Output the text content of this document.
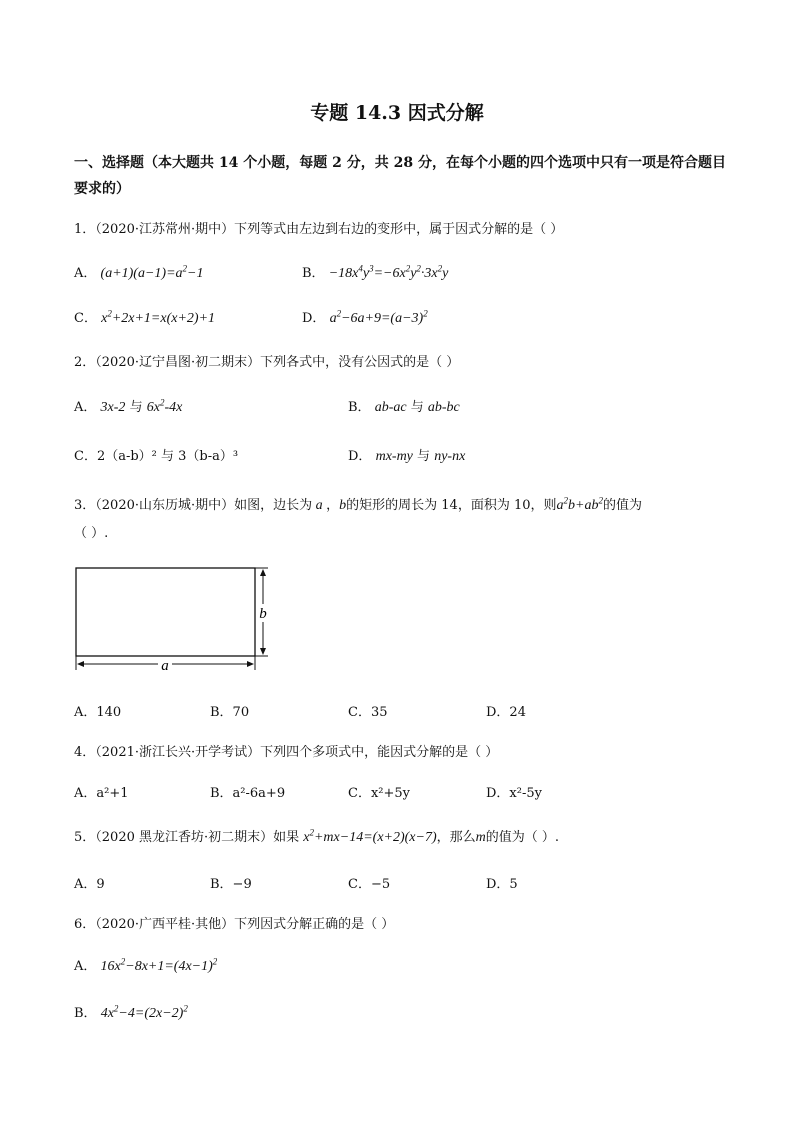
专题 14.3 因式分解
一、选择题（本大题共 14 个小题，每题 2 分，共 28 分，在每个小题的四个选项中只有一项是符合题目要求的）
1．（2020·江苏常州·期中）下列等式由左边到右边的变形中，属于因式分解的是（ ）
A． $(a+1)(a-1)=a^2-1$	B． $-18x^4y^3=-6x^2y^2\cdot 3x^2y$
C． $x^2+2x+1=x(x+2)+1$	D． $a^2-6a+9=(a-3)^2$
2．（2020·辽宁昌图·初二期末）下列各式中，没有公因式的是（ ）
A． 3x-2 与 $6x^2-4x$	B． ab-ac 与 ab-bc
C．2（a-b）² 与 3（b-a）³	D． mx-my 与 ny-nx
3．（2020·山东历城·期中）如图，边长为 a ，b的矩形的周长为 14，面积为 10，则$a^2b+ab^2$的值为
（ ）.
b
a
A．140	B．70	C．35	D．24
4．（2021·浙江长兴·开学考试）下列四个多项式中，能因式分解的是（ ）
A．a²+1	B．a²-6a+9	C．x²+5y	D．x²-5y
5．（2020 黑龙江香坊·初二期末）如果 $x^2+mx-14=(x+2)(x-7)$，那么m的值为（ ）.
A．9	B．−9	C．−5	D．5
6．（2020·广西平桂·其他）下列因式分解正确的是（ ）
A． $16x^2-8x+1=(4x-1)^2$
B． $4x^2-4=(2x-2)^2$
